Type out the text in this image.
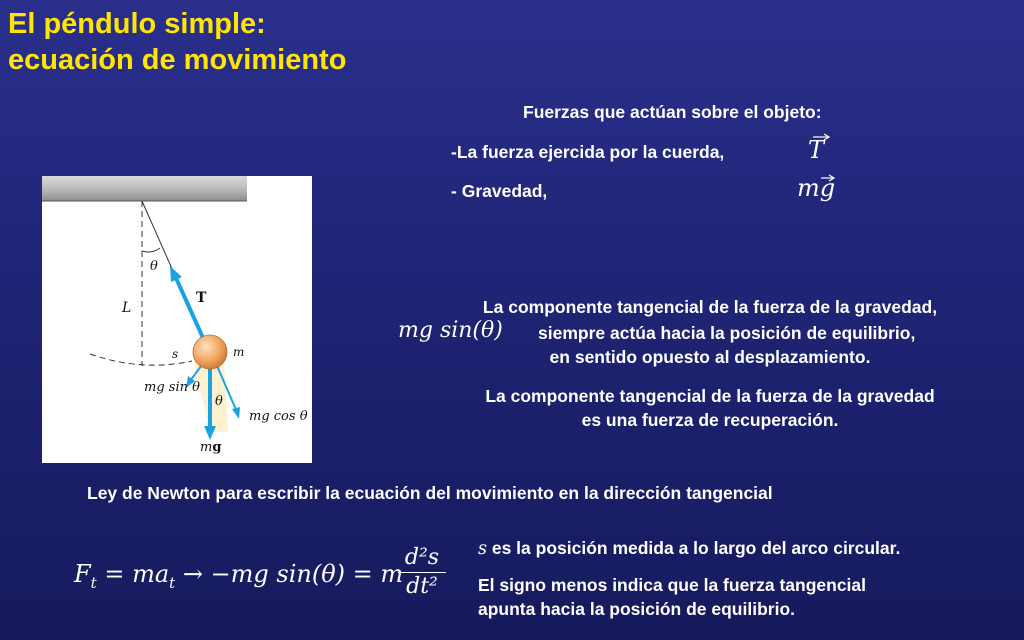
El péndulo simple:
ecuación de movimiento
Fuerzas que actúan sobre el objeto:
-La fuerza ejercida por la cuerda,	T
- Gravedad,	mg
θ
T
L
s	m
mg sin θ
θ
mg cos θ
mg
La componente tangencial de la fuerza de la gravedad,
mg sin(θ) siempre actúa hacia la posición de equilibrio,
en sentido opuesto al desplazamiento.
La componente tangencial de la fuerza de la gravedad
es una fuerza de recuperación.
Ley de Newton para escribir la ecuación del movimiento en la dirección tangencial
$F_t = ma_t \to -mg$ sin(θ) = m
d²s
dt²
s es la posición medida a lo largo del arco circular.
El signo menos indica que la fuerza tangencial
apunta hacia la posición de equilibrio.
